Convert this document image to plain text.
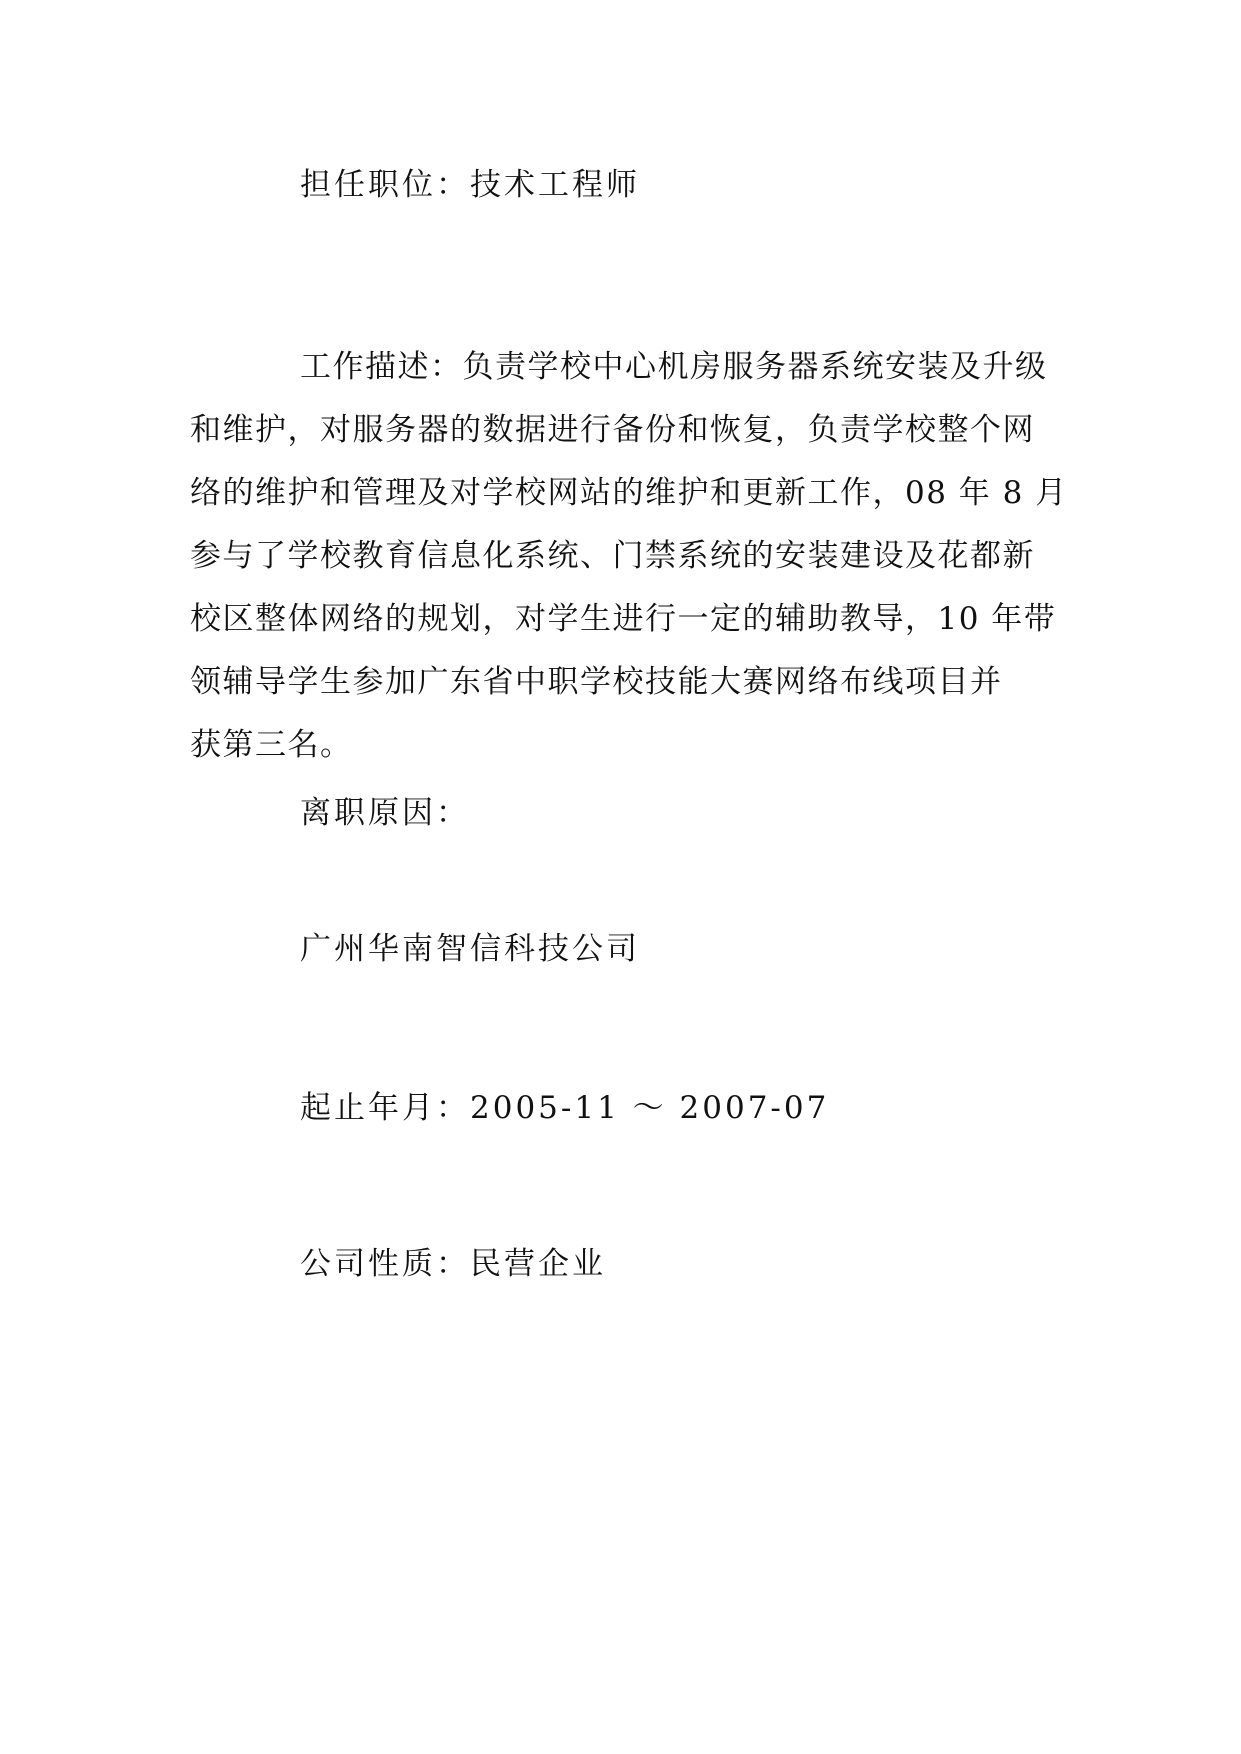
担任职位：技术工程师
工作描述：负责学校中心机房服务器系统安装及升级
和维护，对服务器的数据进行备份和恢复，负责学校整个网
络的维护和管理及对学校网站的维护和更新工作，08 年 8 月
参与了学校教育信息化系统、门禁系统的安装建设及花都新
校区整体网络的规划，对学生进行一定的辅助教导，10 年带
领辅导学生参加广东省中职学校技能大赛网络布线项目并
获第三名。
离职原因：
广州华南智信科技公司
起止年月：2005-11 ～ 2007-07
公司性质：民营企业
